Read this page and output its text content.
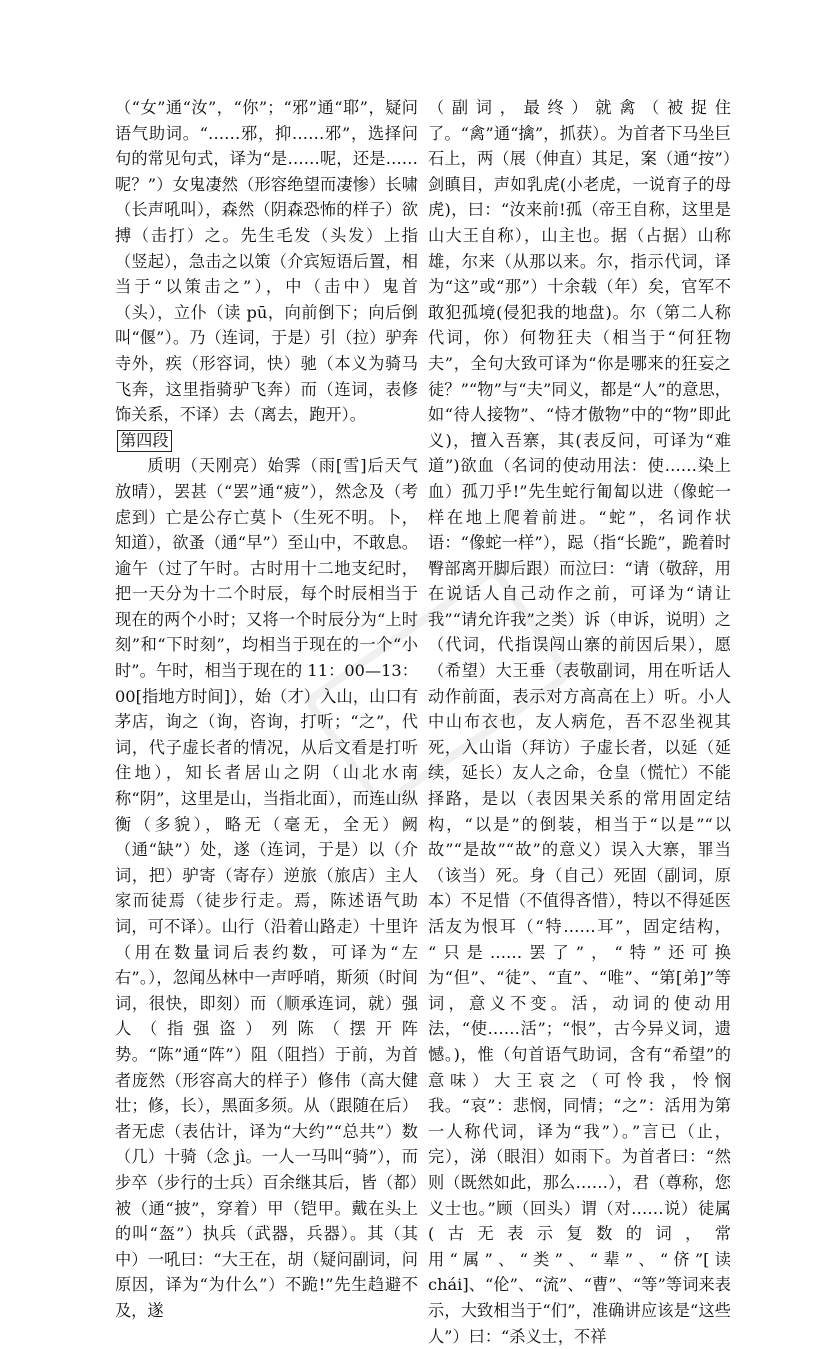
（“女”通“汝”，“你”；“邪”通“耶”，疑问语气助词。“……邪，抑……邪”，选择问句的常见句式，译为“是……呢，还是……呢？”）女鬼凄然（形容绝望而凄惨）长啸（长声吼叫），森然（阴森恐怖的样子）欲搏（击打）之。先生毛发（头发）上指（竖起），急击之以策（介宾短语后置，相当于“以策击之”），中（击中）鬼首（头），立仆（读 pū，向前倒下；向后倒叫“偃”）。乃（连词，于是）引（拉）驴奔寺外，疾（形容词，快）驰（本义为骑马飞奔，这里指骑驴飞奔）而（连词，表修饰关系，不译）去（离去，跑开）。

第四段

质明（天刚亮）始霁（雨[雪]后天气放晴），罢甚（“罢”通“疲”），然念及（考虑到）亡是公存亡莫卜（生死不明。卜，知道），欲蚤（通“早”）至山中，不敢息。逾午（过了午时。古时用十二地支纪时，把一天分为十二个时辰，每个时辰相当于现在的两个小时；又将一个时辰分为“上时刻”和“下时刻”，均相当于现在的一个“小时”。午时，相当于现在的 11：00—13：00[指地方时间]），始（才）入山，山口有茅店，询之（询，咨询，打听；“之”，代词，代子虚长者的情况，从后文看是打听住地），知长者居山之阴（山北水南称“阴”，这里是山，当指北面），而连山纵衡（多貌），略无（毫无，全无）阙（通“缺”）处，遂（连词，于是）以（介词，把）驴寄（寄存）逆旅（旅店）主人家而徒焉（徒步行走。焉，陈述语气助词，可不译）。山行（沿着山路走）十里许（用在数量词后表约数，可译为“左右”。），忽闻丛林中一声呼哨，斯须（时间词，很快，即刻）而（顺承连词，就）强人（指强盗）列陈（摆开阵势。“陈”通“阵”）阻（阻挡）于前，为首者庞然（形容高大的样子）修伟（高大健壮；修，长），黑面多须。从（跟随在后）者无虑（表估计，译为“大约”“总共”）数（几）十骑（念 jì。一人一马叫“骑”），而步卒（步行的士兵）百余继其后，皆（都）被（通“披”，穿着）甲（铠甲。戴在头上的叫“盔”）执兵（武器，兵器）。其（其中）一吼曰：“大王在，胡（疑问副词，问原因，译为“为什么”）不跪!”先生趋避不及，遂

（副词，最终）就禽（被捉住了。“禽”通“擒”，抓获）。为首者下马坐巨石上，两（展（伸直）其足，案（通“按”）剑瞋目，声如乳虎(小老虎，一说育子的母虎)，曰：“汝来前!孤（帝王自称，这里是山大王自称），山主也。据（占据）山称雄，尔来（从那以来。尔，指示代词，译为“这”或“那”）十余载（年）矣，官军不敢犯孤境(侵犯我的地盘)。尔（第二人称代词，你）何物狂夫（相当于“何狂物夫”，全句大致可译为“你是哪来的狂妄之徒？”“物”与“夫”同义，都是“人”的意思，如“待人接物”、“恃才傲物”中的“物”即此义)，擅入吾寨，其(表反问，可译为“难道”)欲血（名词的使动用法：使……染上血）孤刀乎!”先生蛇行匍匐以进（像蛇一样在地上爬着前进。“蛇”，名词作状语：“像蛇一样”），跽（指“长跪”，跪着时臀部离开脚后跟）而泣曰：“请（敬辞，用在说话人自己动作之前，可译为“请让我”“请允许我”之类）诉（申诉，说明）之（代词，代指误闯山寨的前因后果），愿（希望）大王垂（表敬副词，用在听话人动作前面，表示对方高高在上）听。小人中山布衣也，友人病危，吾不忍坐视其死，入山诣（拜访）子虚长者，以延（延续，延长）友人之命，仓皇（慌忙）不能择路，是以（表因果关系的常用固定结构，“以是”的倒装，相当于“以是”“以故”“是故”“故”的意义）误入大寨，罪当（该当）死。身（自己）死固（副词，原本）不足惜（不值得吝惜），特以不得延医活友为恨耳（“特……耳”，固定结构， “只是……罢了”，“特”还可换为“但”、“徒”、“直”、“唯”、“第[弟]”等词，意义不变。活，动词的使动用法，“使……活”；“恨”，古今异义词，遗憾。)，惟（句首语气助词，含有“希望”的意味）大王哀之（可怜我，怜悯我。“哀”：悲悯，同情；“之”：活用为第一人称代词，译为“我”）。”言已（止，完），涕（眼泪）如雨下。为首者曰：“然则（既然如此，那么……），君（尊称，您义士也。”顾（回头）谓（对……说）徒属(古无表示复数的词，常用“属”、“类”、“辈”、“侪”[读 chái]、“伦”、“流”、“曹”、“等”等词来表示，大致相当于“们”，准确讲应该是“这些人”）曰：“杀义士，不祥
